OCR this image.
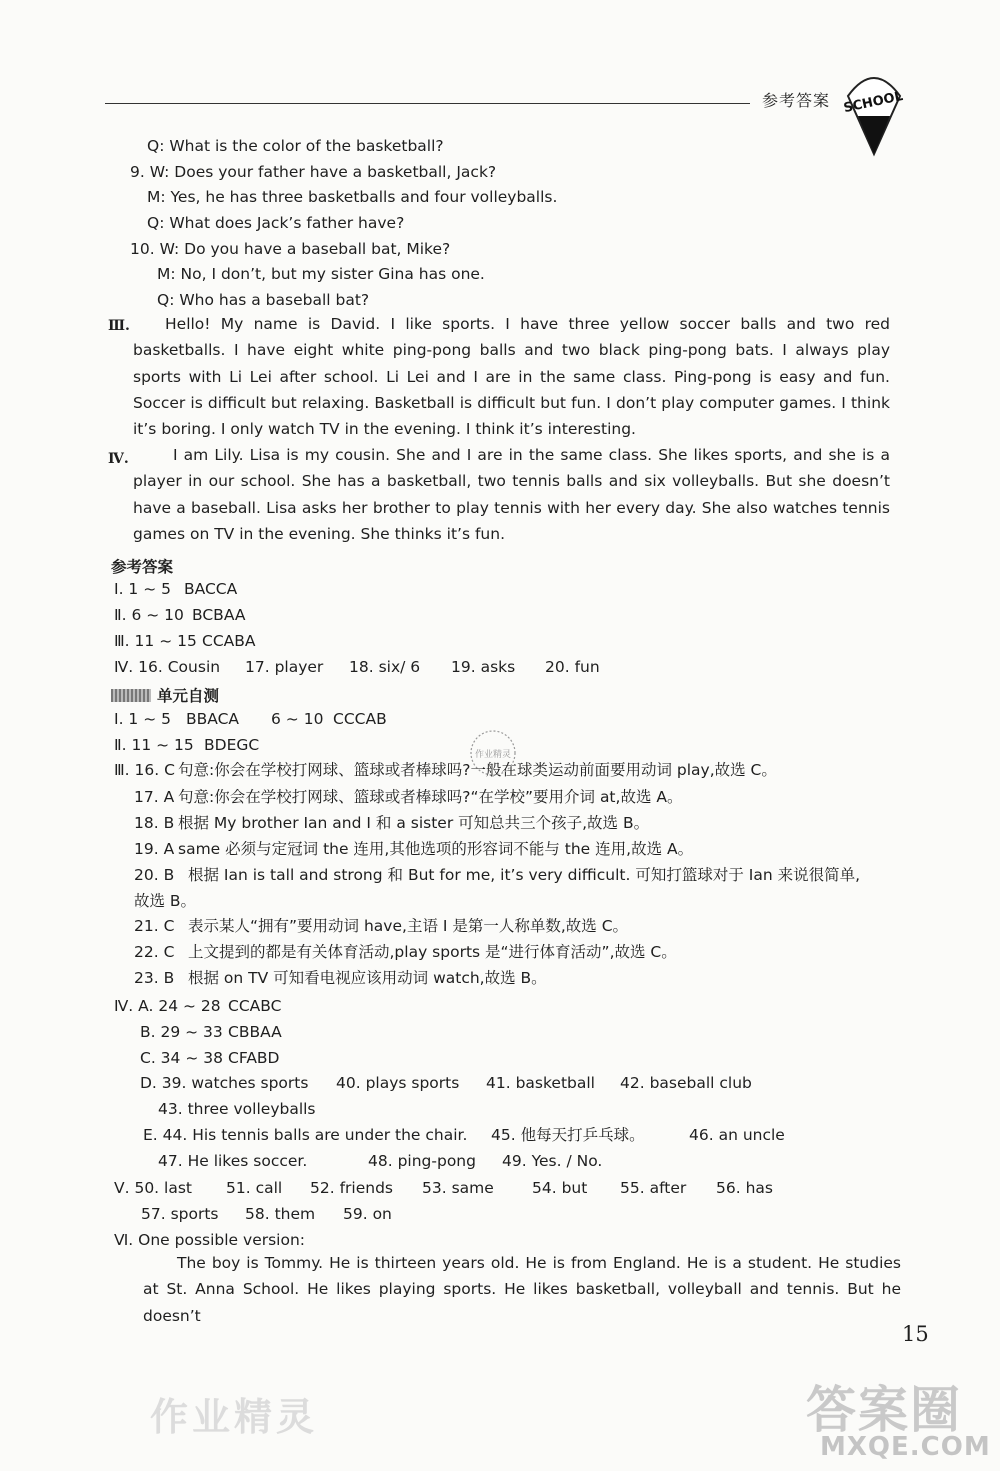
参考答案 SCHOOL
Q: What is the color of the basketball?
9. W: Does your father have a basketball, Jack?
M: Yes, he has three basketballs and four volleyballs.
Q: What does Jack’s father have?
10. W: Do you have a baseball bat, Mike?
M: No, I don’t, but my sister Gina has one.
Q: Who has a baseball bat?
Ⅲ.	Hello! My name is David. I like sports. I have three yellow soccer balls and two red basketballs. I have eight white ping-pong balls and two black ping-pong bats. I always play sports with Li Lei after school. Li Lei and I are in the same class. Ping-pong is easy and fun. Soccer is difficult but relaxing. Basketball is difficult but fun. I don’t play computer games. I think it’s boring. I only watch TV in the evening. I think it’s interesting.
Ⅳ.	I am Lily. Lisa is my cousin. She and I are in the same class. She likes sports, and she is a player in our school. She has a basketball, two tennis balls and six volleyballs. But she doesn’t have a baseball. Lisa asks her brother to play tennis with her every day. She also watches tennis games on TV in the evening. She thinks it’s fun.
参考答案
Ⅰ. 1 ~ 5 BACCA
Ⅱ. 6 ~ 10 BCBAA
Ⅲ. 11 ~ 15 CCABA
Ⅳ. 16. Cousin 17. player 18. six/ 6 19. asks 20. fun
单元自测
Ⅰ. 1 ~ 5 BBACA 6 ~ 10 CCCAB
Ⅱ. 11 ~ 15 BDEGC
Ⅲ. 16. C 句意:你会在学校打网球、篮球或者棒球吗?一般在球类运动前面要用动词 play,故选 C。
17. A 句意:你会在学校打网球、篮球或者棒球吗?“在学校”要用介词 at,故选 A。
18. B 根据 My brother Ian and I 和 a sister 可知总共三个孩子,故选 B。
19. A same 必须与定冠词 the 连用,其他选项的形容词不能与 the 连用,故选 A。
20. B 根据 Ian is tall and strong 和 But for me, it’s very difficult. 可知打篮球对于 Ian 来说很简单,
故选 B。
21. C 表示某人“拥有”要用动词 have,主语 I 是第一人称单数,故选 C。
22. C 上文提到的都是有关体育活动,play sports 是“进行体育活动”,故选 C。
23. B 根据 on TV 可知看电视应该用动词 watch,故选 B。
Ⅳ. A. 24 ~ 28 CCABC
B. 29 ~ 33 CBBAA
C. 34 ~ 38 CFABD
D. 39. watches sports 40. plays sports 41. basketball 42. baseball club
43. three volleyballs
E. 44. His tennis balls are under the chair. 45. 他每天打乒乓球。	46. an uncle
47. He likes soccer.	48. ping-pong 49. Yes. / No.
Ⅴ. 50. last 51. call 52. friends 53. same 54. but 55. after 56. has
57. sports 58. them 59. on
Ⅵ. One possible version:
The boy is Tommy. He is thirteen years old. He is from England. He is a student. He studies at St. Anna School. He likes playing sports. He likes basketball, volleyball and tennis. But he doesn’t
作业精灵
15
作业精灵	答案圈
MXQE.COM
